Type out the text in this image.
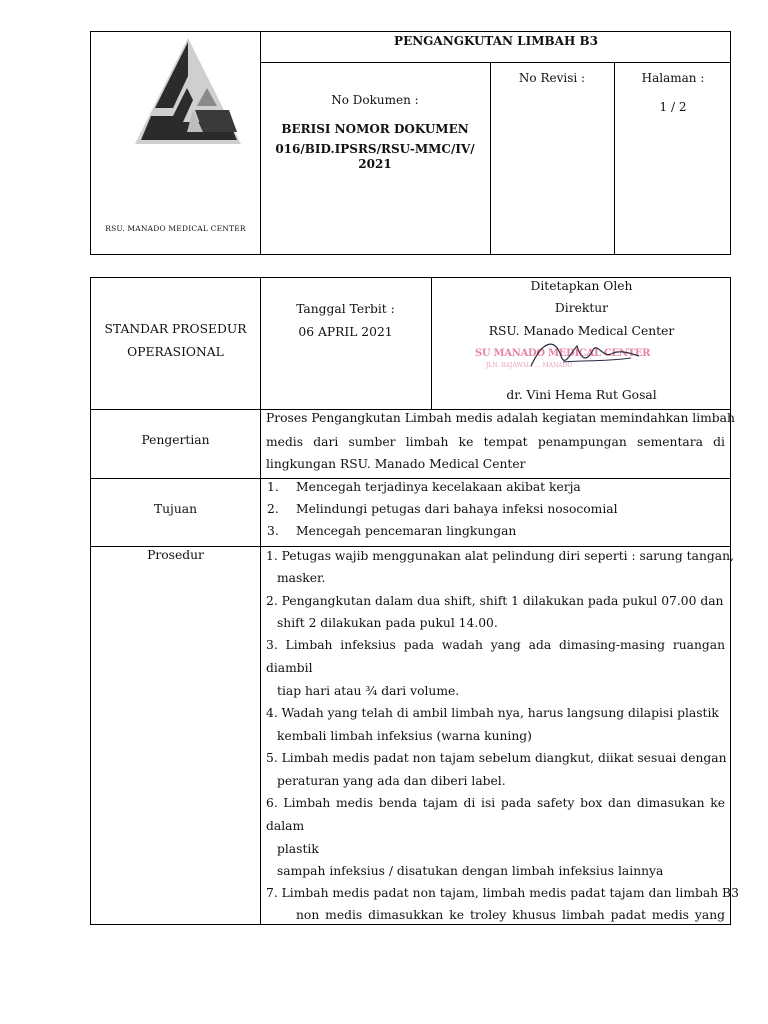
RSU. MANADO MEDICAL CENTER
PENGANGKUTAN LIMBAH B3
No Dokumen :
BERISI NOMOR DOKUMEN
016/BID.IPSRS/RSU-MMC/IV/
2021
No Revisi :	Halaman :
1 / 2
STANDAR PROSEDUR
OPERASIONAL
Tanggal Terbit :
06 APRIL 2021
Ditetapkan Oleh
Direktur
RSU. Manado Medical Center
SU MANADO MEDICAL CENTER
JLN. RAJAWALI ... MANADO
dr. Vini Hema Rut Gosal
Pengertian
Proses Pengangkutan Limbah medis adalah kegiatan memindahkan limbah
medis dari sumber limbah ke tempat penampungan sementara di
lingkungan RSU. Manado Medical Center
Tujuan
1. Mencegah terjadinya kecelakaan akibat kerja
2. Melindungi petugas dari bahaya infeksi nosocomial
3. Mencegah pencemaran lingkungan
Prosedur	1. Petugas wajib menggunakan alat pelindung diri seperti : sarung tangan,
masker.
2. Pengangkutan dalam dua shift, shift 1 dilakukan pada pukul 07.00 dan
shift 2 dilakukan pada pukul 14.00.
3. Limbah infeksius pada wadah yang ada dimasing-masing ruangan
diambil
tiap hari atau ¾ dari volume.
4. Wadah yang telah di ambil limbah nya, harus langsung dilapisi plastik
kembali limbah infeksius (warna kuning)
5. Limbah medis padat non tajam sebelum diangkut, diikat sesuai dengan
peraturan yang ada dan diberi label.
6. Limbah medis benda tajam di isi pada safety box dan dimasukan ke
dalam
plastik
sampah infeksius / disatukan dengan limbah infeksius lainnya
7. Limbah medis padat non tajam, limbah medis padat tajam dan limbah B3
non medis dimasukkan ke troley khusus limbah padat medis yang
